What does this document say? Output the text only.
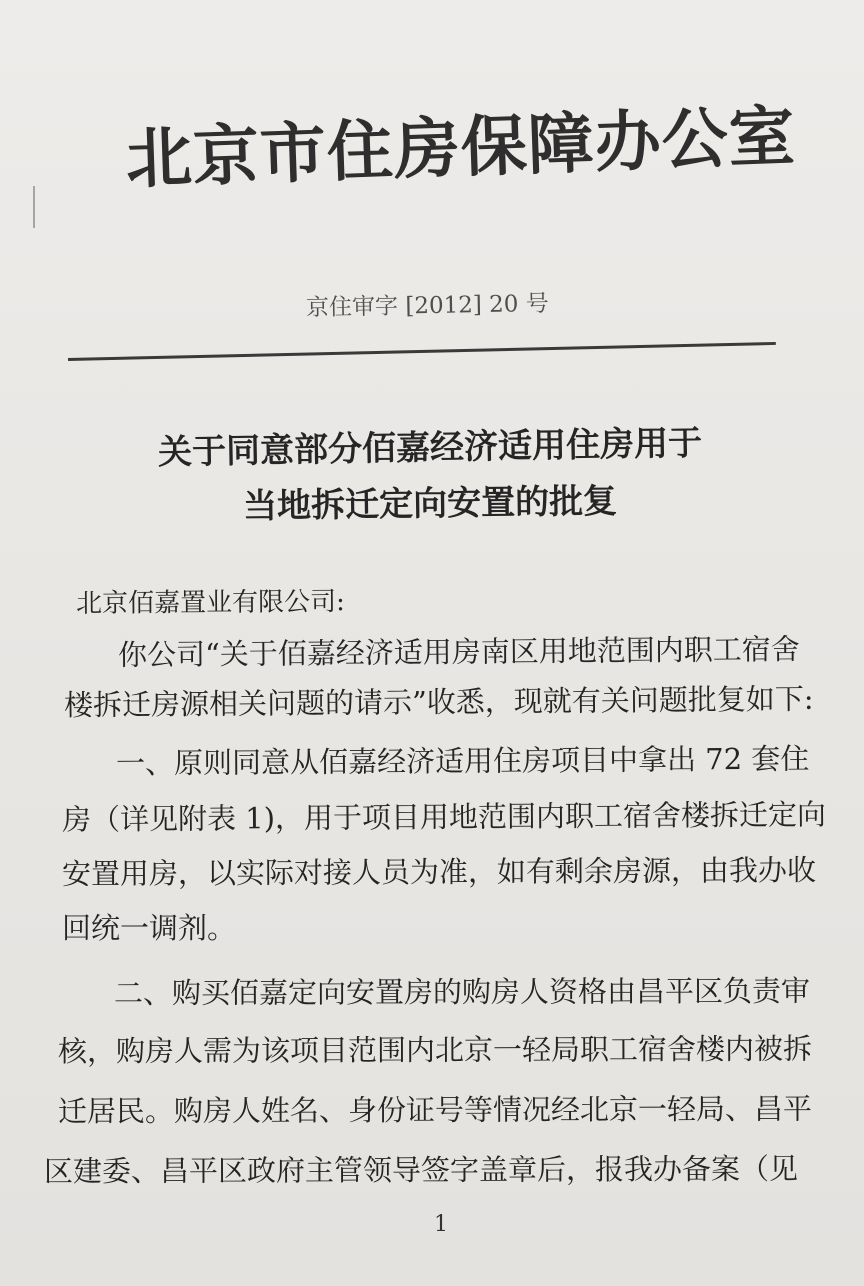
北京市住房保障办公室
京住审字 [2012] 20 号
关于同意部分佰嘉经济适用住房用于
当地拆迁定向安置的批复
北京佰嘉置业有限公司:
你公司“关于佰嘉经济适用房南区用地范围内职工宿舍
楼拆迁房源相关问题的请示”收悉，现就有关问题批复如下:
一、原则同意从佰嘉经济适用住房项目中拿出 72 套住
房（详见附表 1)，用于项目用地范围内职工宿舍楼拆迁定向
安置用房，以实际对接人员为准，如有剩余房源，由我办收
回统一调剂。
二、购买佰嘉定向安置房的购房人资格由昌平区负责审
核，购房人需为该项目范围内北京一轻局职工宿舍楼内被拆
迁居民。购房人姓名、身份证号等情况经北京一轻局、昌平
区建委、昌平区政府主管领导签字盖章后，报我办备案（见
1
